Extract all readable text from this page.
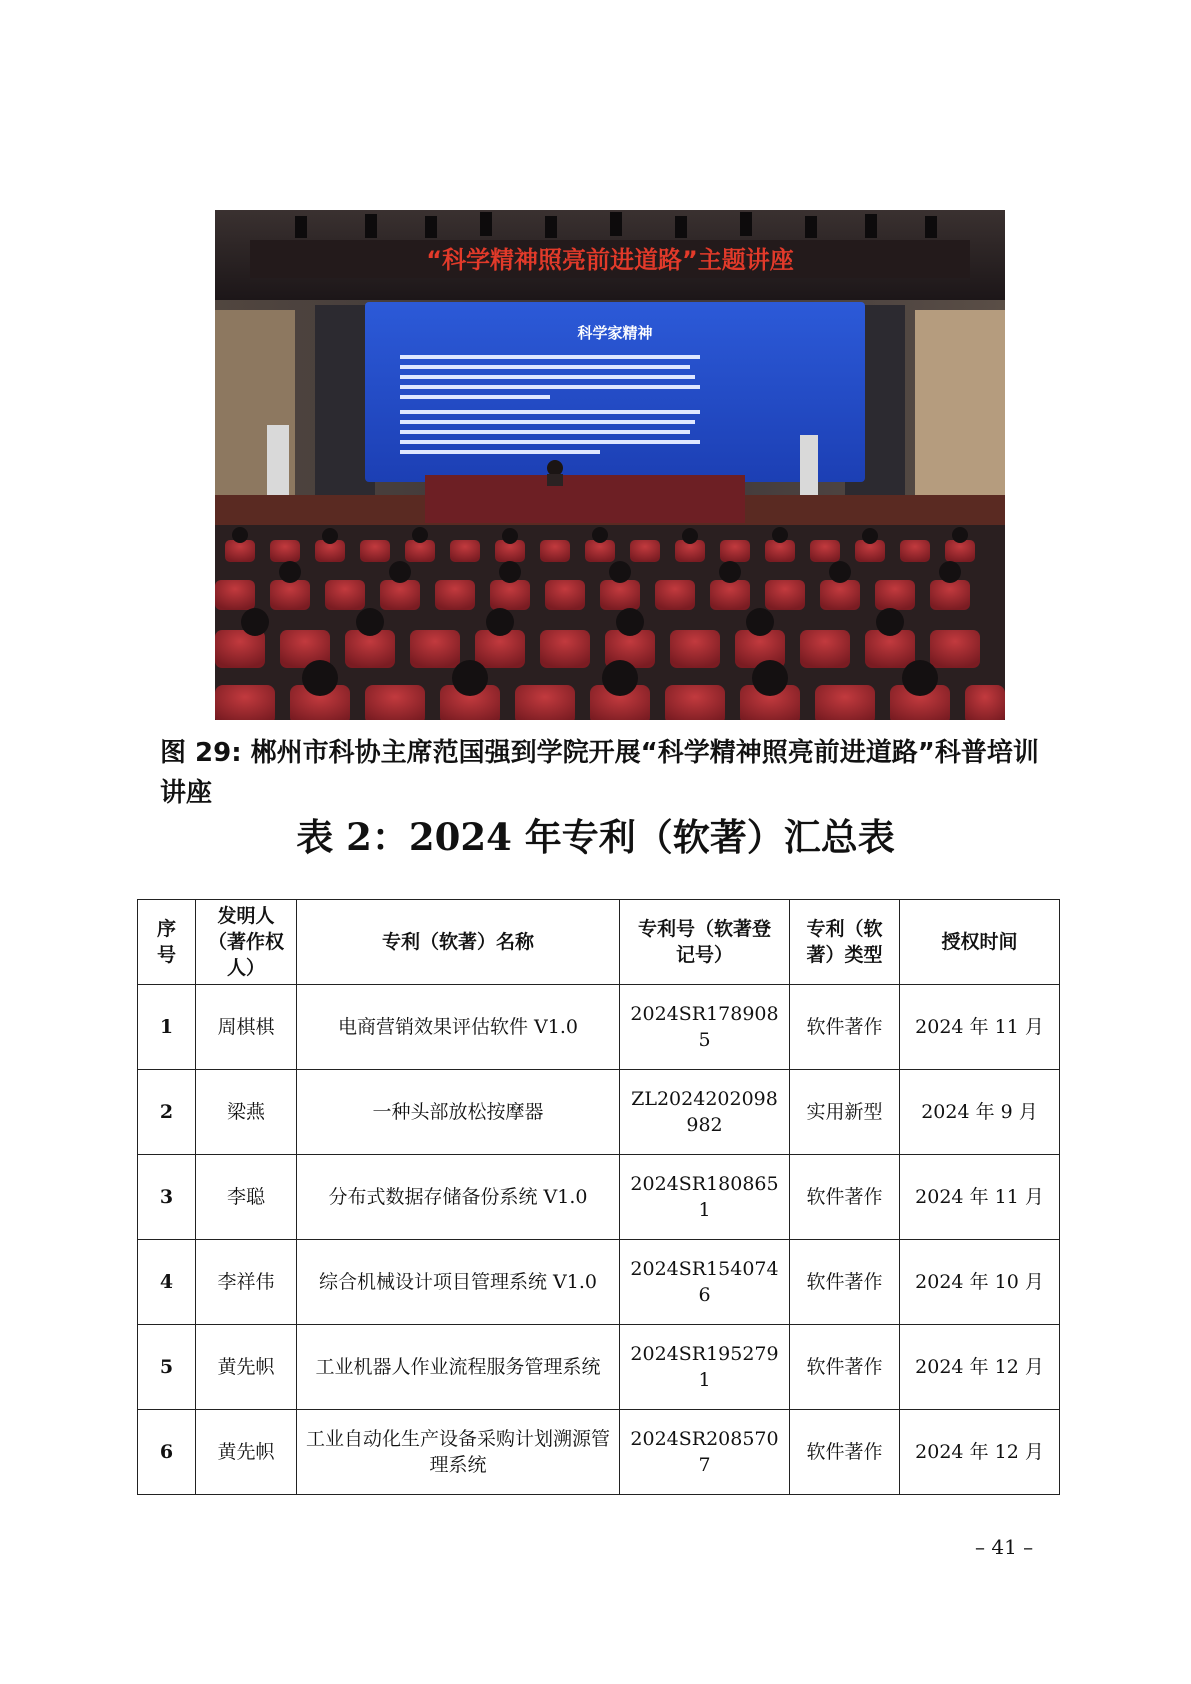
“科学精神照亮前进道路”主题讲座
科学家精神
图 29: 郴州市科协主席范国强到学院开展“科学精神照亮前进道路”科普培训讲座
表 2：2024 年专利（软著）汇总表
序号	发明人（著作权人）	专利（软著）名称	专利号（软著登记号）	专利（软著）类型	授权时间
1	周棋棋	电商营销效果评估软件 V1.0	2024SR1789085	软件著作	2024 年 11 月
2	梁燕	一种头部放松按摩器	ZL2024202098982	实用新型	2024 年 9 月
3	李聪	分布式数据存储备份系统 V1.0	2024SR1808651	软件著作	2024 年 11 月
4	李祥伟	综合机械设计项目管理系统 V1.0	2024SR1540746	软件著作	2024 年 10 月
5	黄先帜	工业机器人作业流程服务管理系统	2024SR1952791	软件著作	2024 年 12 月
6	黄先帜	工业自动化生产设备采购计划溯源管理系统	2024SR2085707	软件著作	2024 年 12 月
– 41 –
